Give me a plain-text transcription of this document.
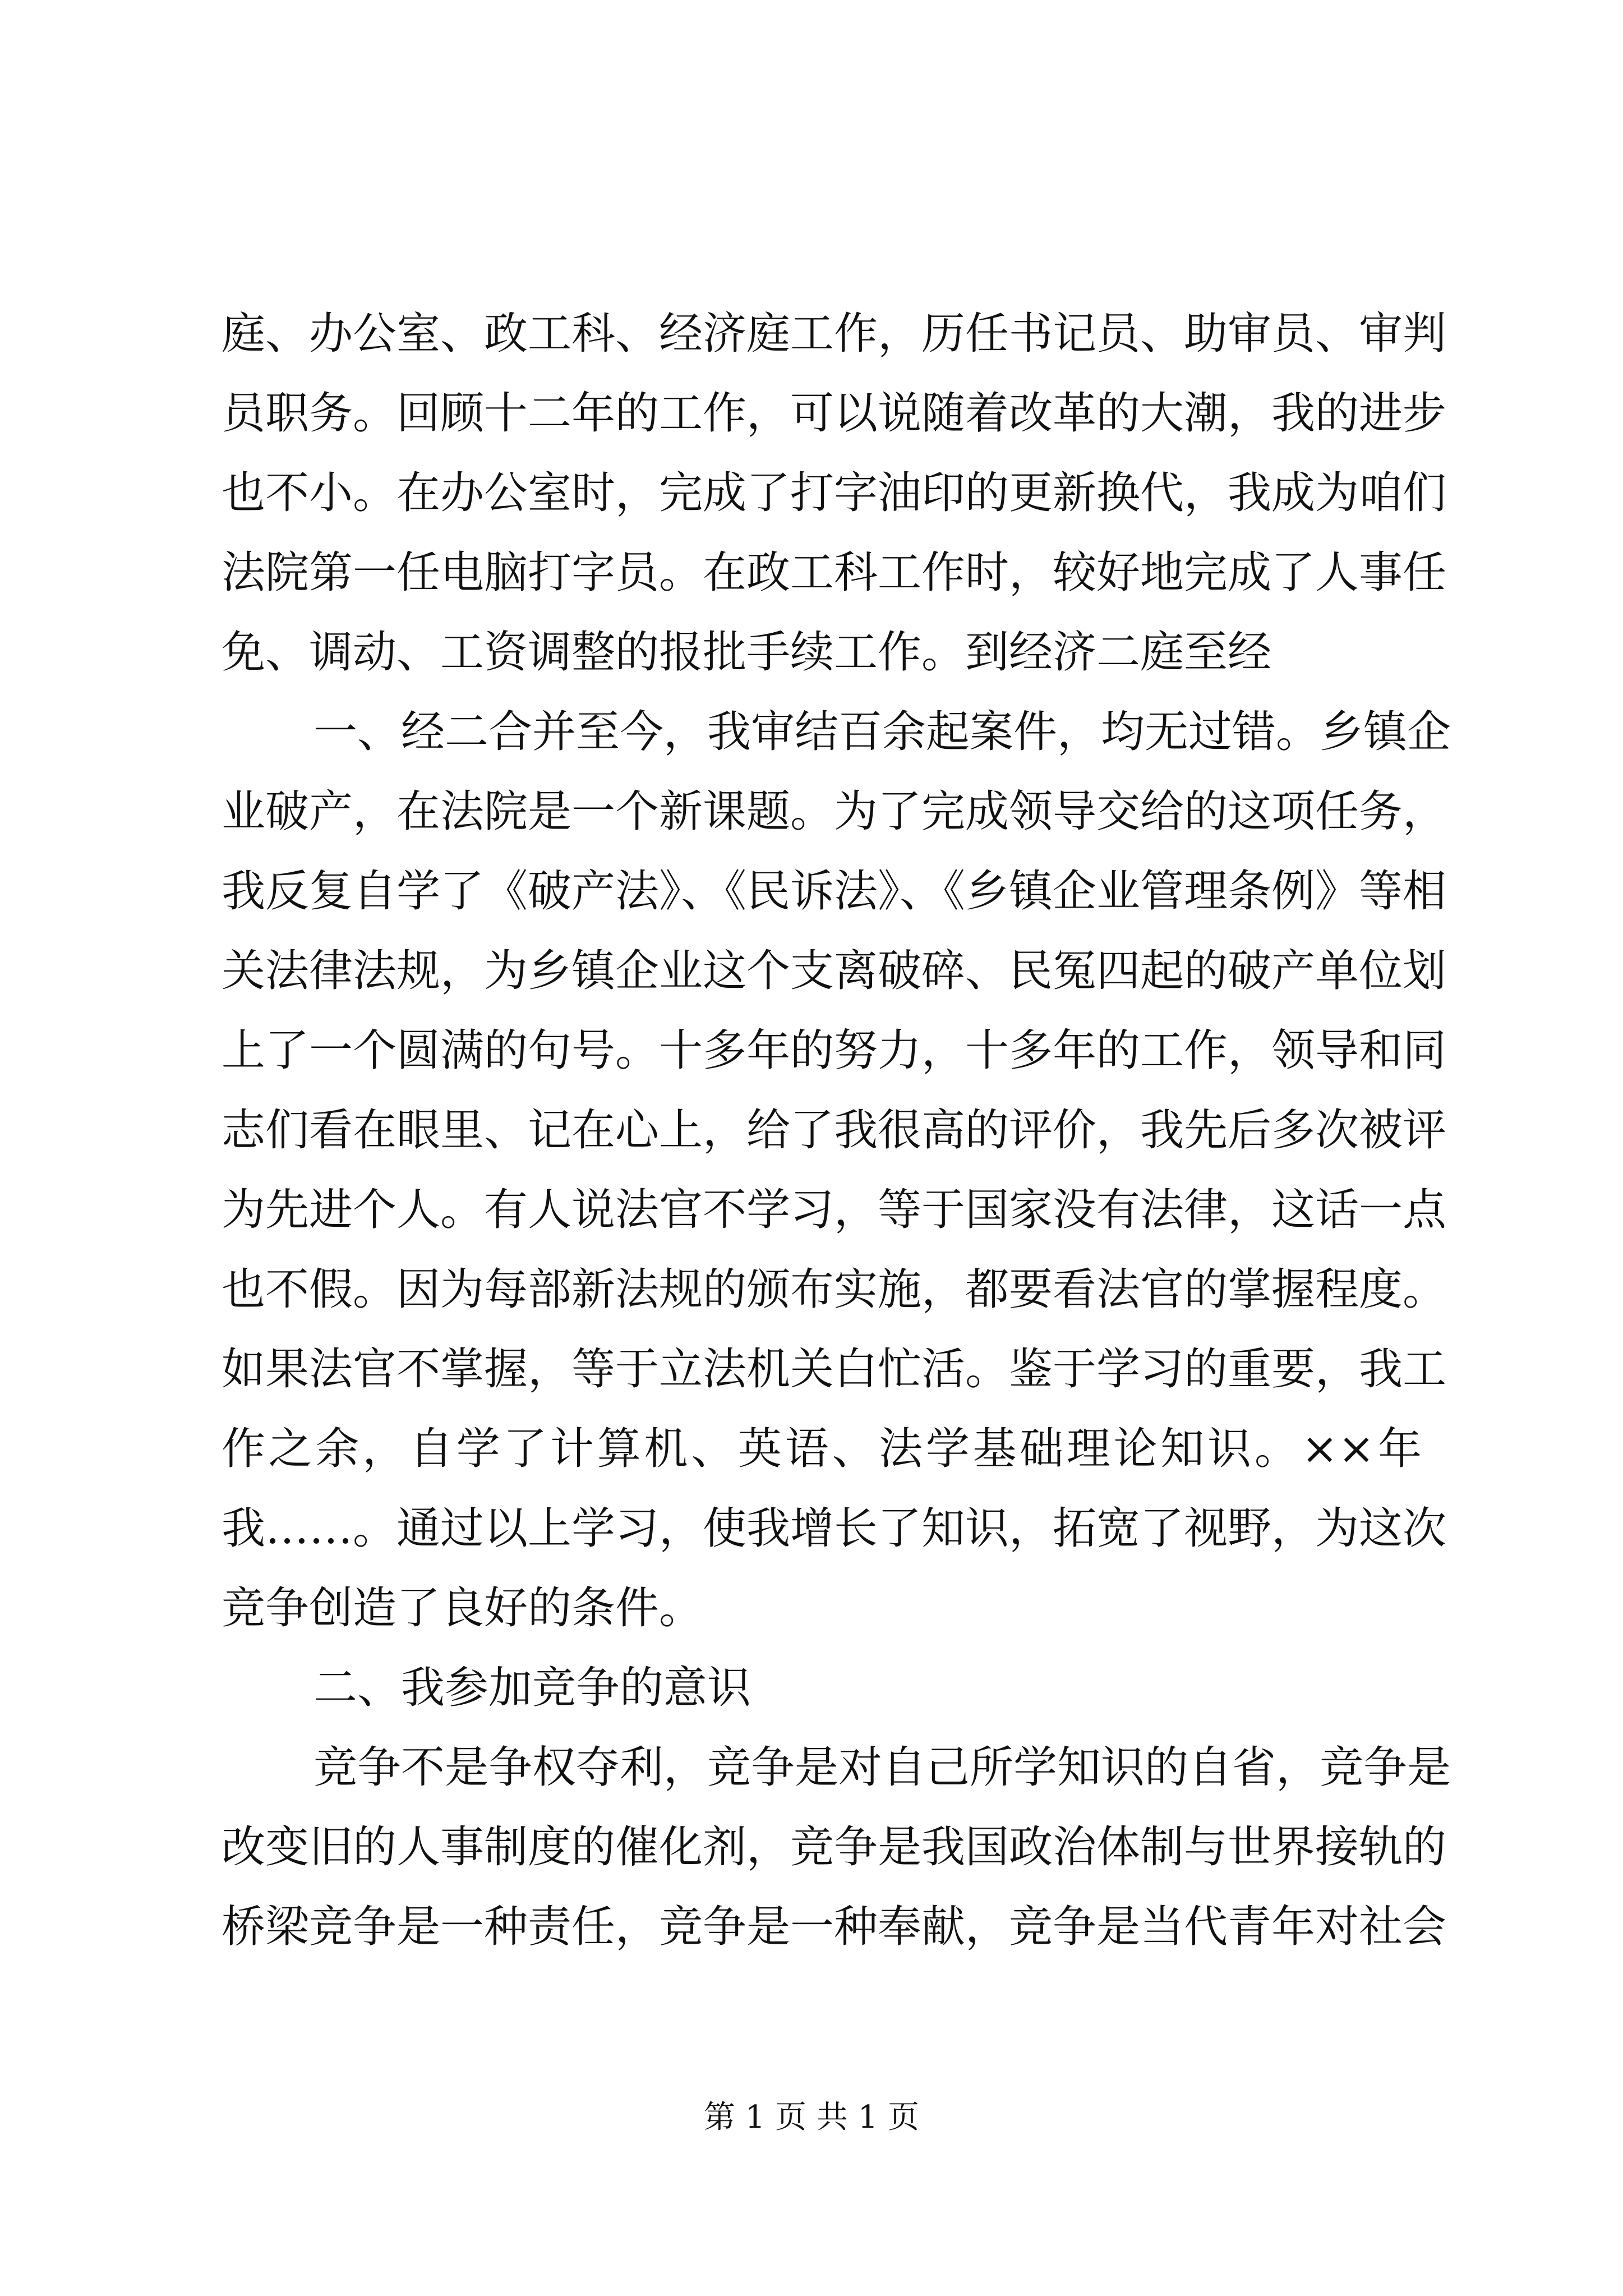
庭、办公室、政工科、经济庭工作，历任书记员、助审员、审判
员职务。回顾十二年的工作，可以说随着改革的大潮，我的进步
也不小。在办公室时，完成了打字油印的更新换代，我成为咱们
法院第一任电脑打字员。在政工科工作时，较好地完成了人事任
免、调动、工资调整的报批手续工作。到经济二庭至经
一、经二合并至今，我审结百余起案件，均无过错。乡镇企
业破产，在法院是一个新课题。为了完成领导交给的这项任务，
我反复自学了《破产法》、《民诉法》、《乡镇企业管理条例》等相
关法律法规，为乡镇企业这个支离破碎、民冤四起的破产单位划
上了一个圆满的句号。十多年的努力，十多年的工作，领导和同
志们看在眼里、记在心上，给了我很高的评价，我先后多次被评
为先进个人。有人说法官不学习，等于国家没有法律，这话一点
也不假。因为每部新法规的颁布实施，都要看法官的掌握程度。
如果法官不掌握，等于立法机关白忙活。鉴于学习的重要，我工
作之余，自学了计算机、英语、法学基础理论知识。××年
我……。通过以上学习，使我增长了知识，拓宽了视野，为这次
竞争创造了良好的条件。
二、我参加竞争的意识
竞争不是争权夺利，竞争是对自己所学知识的自省，竞争是
改变旧的人事制度的催化剂，竞争是我国政治体制与世界接轨的
桥梁竞争是一种责任，竞争是一种奉献，竞争是当代青年对社会
第 1 页 共 1 页
